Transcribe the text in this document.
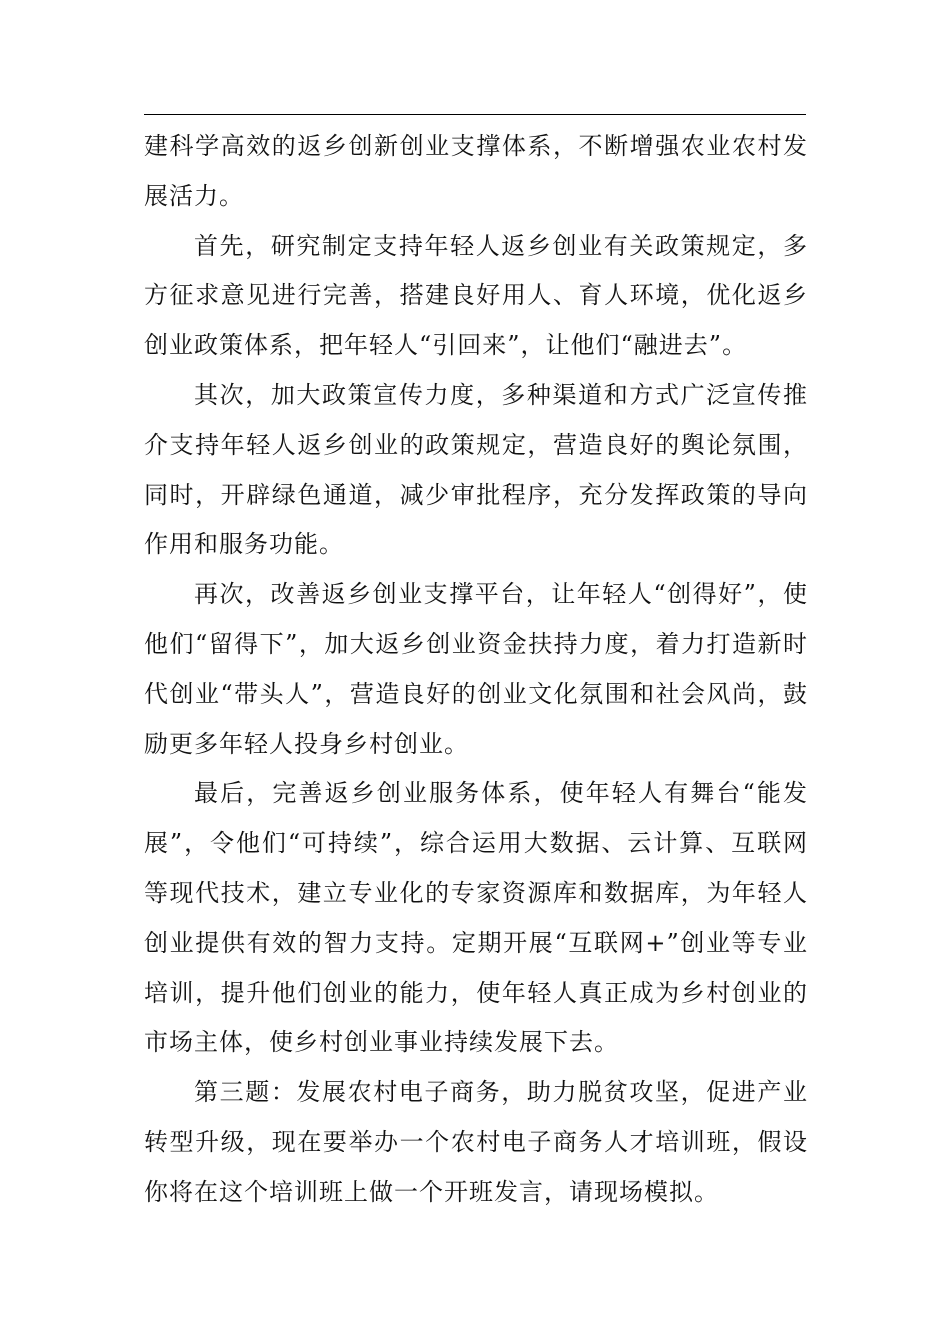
建科学高效的返乡创新创业支撑体系，不断增强农业农村发展活力。

首先，研究制定支持年轻人返乡创业有关政策规定，多方征求意见进行完善，搭建良好用人、育人环境，优化返乡创业政策体系，把年轻人“引回来”，让他们“融进去”。

其次，加大政策宣传力度，多种渠道和方式广泛宣传推介支持年轻人返乡创业的政策规定，营造良好的舆论氛围，同时，开辟绿色通道，减少审批程序，充分发挥政策的导向作用和服务功能。

再次，改善返乡创业支撑平台，让年轻人“创得好”，使他们“留得下”，加大返乡创业资金扶持力度，着力打造新时代创业“带头人”，营造良好的创业文化氛围和社会风尚，鼓励更多年轻人投身乡村创业。

最后，完善返乡创业服务体系，使年轻人有舞台“能发展”，令他们“可持续”，综合运用大数据、云计算、互联网等现代技术，建立专业化的专家资源库和数据库，为年轻人创业提供有效的智力支持。定期开展“互联网+”创业等专业培训，提升他们创业的能力，使年轻人真正成为乡村创业的市场主体，使乡村创业事业持续发展下去。

第三题：发展农村电子商务，助力脱贫攻坚，促进产业转型升级，现在要举办一个农村电子商务人才培训班，假设你将在这个培训班上做一个开班发言，请现场模拟。
